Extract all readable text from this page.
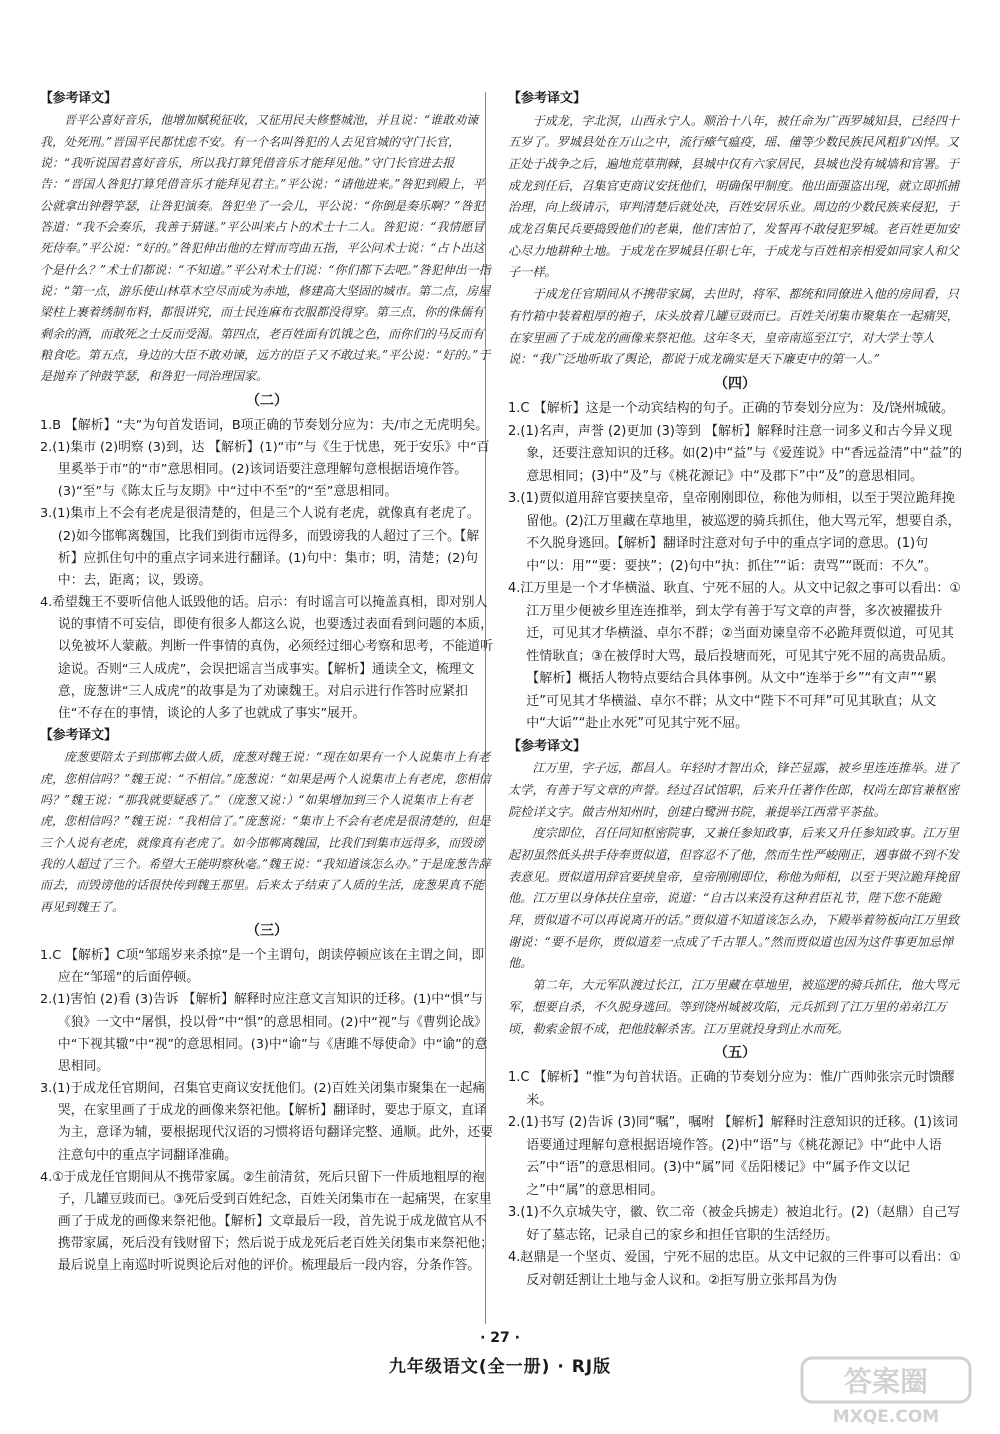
【参考译文】

晋平公喜好音乐，他增加赋税征收，又征用民夫修整城池，并且说：“谁敢劝谏我，处死刑。”晋国平民都忧虑不安。有一个名叫咎犯的人去见官城的守门长官，说：“我听说国君喜好音乐，所以我打算凭借音乐才能拜见他。”守门长官进去报告：“晋国人咎犯打算凭借音乐才能拜见君主。”平公说：“请他进来。”咎犯到殿上，平公就拿出钟磬竽瑟，让咎犯演奏。咎犯坐了一会儿，平公说：“你倒是奏乐啊？”咎犯答道：“我不会奏乐，我善于猜谜。”平公叫来占卜的术士十二人。咎犯说：“我情愿冒死侍奉。”平公说：“好的。”咎犯伸出他的左臂而弯曲五指，平公问术士说：“占卜出这个是什么？”术士们都说：“不知道。”平公对术士们说：“你们都下去吧。”咎犯伸出一指说：“第一点，游乐使山林草木空尽而成为赤地，修建高大坚固的城市。第二点，房屋梁柱上裹着绣制布料，都很讲究，而士民连麻布衣服都没得穿。第三点，你的侏儒有剩余的酒，而敢死之士反而受渴。第四点，老百姓面有饥饿之色，而你们的马反而有粮食吃。第五点，身边的大臣不敢劝谏，远方的臣子又不敢过来。”平公说：“好的。”于是抛弃了钟鼓竽瑟，和咎犯一同治理国家。

（二）

1.B 【解析】“夫”为句首发语词，B项正确的节奏划分应为：夫/市之无虎明矣。

2.(1)集市 (2)明察 (3)到，达 【解析】(1)“市”与《生于忧患，死于安乐》中“百里奚举于市”的“市”意思相同。(2)该词语要注意理解句意根据语境作答。(3)“至”与《陈太丘与友期》中“过中不至”的“至”意思相同。

3.(1)集市上不会有老虎是很清楚的，但是三个人说有老虎，就像真有老虎了。(2)如今邯郸离魏国，比我们到街市远得多，而毁谤我的人超过了三个。【解析】应抓住句中的重点字词来进行翻译。(1)句中：集市；明，清楚；(2)句中：去，距离；议，毁谤。

4.希望魏王不要听信他人诋毁他的话。启示：有时谣言可以掩盖真相，即对别人说的事情不可妄信，即使有很多人都这么说，也要透过表面看到问题的本质，以免被坏人蒙蔽。判断一件事情的真伪，必须经过细心考察和思考，不能道听途说。否则“三人成虎”，会误把谣言当成事实。【解析】通读全文，梳理文意，庞葱讲“三人成虎”的故事是为了劝谏魏王。对启示进行作答时应紧扣住“不存在的事情，谈论的人多了也就成了事实”展开。

【参考译文】

庞葱要陪太子到邯郸去做人质，庞葱对魏王说：“现在如果有一个人说集市上有老虎，您相信吗？”魏王说：“不相信。”庞葱说：“如果是两个人说集市上有老虎，您相信吗？”魏王说：“那我就要疑惑了。”（庞葱又说：）“如果增加到三个人说集市上有老虎，您相信吗？”魏王说：“我相信了。”庞葱说：“集市上不会有老虎是很清楚的，但是三个人说有老虎，就像真有老虎了。如今邯郸离魏国，比我们到集市远得多，而毁谤我的人超过了三个。希望大王能明察秋毫。”魏王说：“我知道该怎么办。”于是庞葱告辞而去，而毁谤他的话很快传到魏王那里。后来太子结束了人质的生活，庞葱果真不能再见到魏王了。

（三）

1.C 【解析】C项“邹瑶岁来杀掠”是一个主谓句，朗读停顿应该在主谓之间，即应在“邹瑶”的后面停顿。

2.(1)害怕 (2)看 (3)告诉 【解析】解释时应注意文言知识的迁移。(1)中“惧”与《狼》一文中“屠惧，投以骨”中“惧”的意思相同。(2)中“视”与《曹刿论战》中“下视其辙”中“视”的意思相同。(3)中“谕”与《唐雎不辱使命》中“谕”的意思相同。

3.(1)于成龙任官期间，召集官吏商议安抚他们。(2)百姓关闭集市聚集在一起痛哭，在家里画了于成龙的画像来祭祀他。【解析】翻译时，要忠于原文，直译为主，意译为辅，要根据现代汉语的习惯将语句翻译完整、通顺。此外，还要注意句中的重点字词翻译准确。

4.①于成龙任官期间从不携带家属。②生前清贫，死后只留下一件质地粗厚的袍子，几罐豆豉而已。③死后受到百姓纪念，百姓关闭集市在一起痛哭，在家里画了于成龙的画像来祭祀他。【解析】文章最后一段，首先说于成龙做官从不携带家属，死后没有钱财留下；然后说于成龙死后老百姓关闭集市来祭祀他；最后说皇上南巡时听说舆论后对他的评价。梳理最后一段内容，分条作答。

【参考译文】

于成龙，字北溟，山西永宁人。顺治十八年，被任命为广西罗城知县，已经四十五岁了。罗城县处在万山之中，流行瘴气瘟疫，瑶、僮等少数民族民风粗犷凶悍。又正处于战争之后，遍地荒草荆棘，县城中仅有六家居民，县城也没有城墙和官署。于成龙到任后，召集官吏商议安抚他们，明确保甲制度。他出面强盗出现，就立即抓捕治理，向上级请示，审判清楚后就处决，百姓安居乐业。周边的少数民族来侵犯，于成龙召集民兵要捣毁他们的老巢，他们害怕了，发誓再不敢侵犯罗城。老百姓更加安心尽力地耕种土地。于成龙在罗城县任职七年，于成龙与百姓相亲相爱如同家人和父子一样。

于成龙任官期间从不携带家属，去世时，将军、都统和同僚进入他的房间看，只有竹箱中装着粗厚的袍子，床头放着几罐豆豉而已。百姓关闭集市聚集在一起痛哭，在家里画了于成龙的画像来祭祀他。这年冬天，皇帝南巡至江宁，对大学士等人说：“我广泛地听取了舆论，都说于成龙确实是天下廉吏中的第一人。”

（四）

1.C 【解析】这是一个动宾结构的句子。正确的节奏划分应为：及/饶州城破。

2.(1)名声，声誉 (2)更加 (3)等到 【解析】解释时注意一词多义和古今异义现象，还要注意知识的迁移。如(2)中“益”与《爱莲说》中“香远益清”中“益”的意思相同；(3)中“及”与《桃花源记》中“及郡下”中“及”的意思相同。

3.(1)贾似道用辞官要挟皇帝，皇帝刚刚即位，称他为师相，以至于哭泣跪拜挽留他。(2)江万里藏在草地里，被巡逻的骑兵抓住，他大骂元军，想要自杀，不久脱身逃回。【解析】翻译时注意对句子中的重点字词的意思。(1)句中“以：用”“要：要挟”；(2)句中“执：抓住”“诟：责骂”“既而：不久”。

4.江万里是一个才华横溢、耿直、宁死不屈的人。从文中记叙之事可以看出：①江万里少便被乡里连连推举，到太学有善于写文章的声誉，多次被擢拔升迁，可见其才华横溢、卓尔不群；②当面劝谏皇帝不必跪拜贾似道，可见其性情耿直；③在被俘时大骂，最后投塘而死，可见其宁死不屈的高贵品质。【解析】概括人物特点要结合具体事例。从文中“连举于乡”“有文声”“累迁”可见其才华横溢、卓尔不群；从文中“陛下不可拜”可见其耿直；从文中“大诟”“赴止水死”可见其宁死不屈。

【参考译文】

江万里，字子远，都昌人。年轻时才智出众，锋芒显露，被乡里连连推举。进了太学，有善于写文章的声誉。经过召试馆职，后来升任著作佐郎，权尚左郎官兼枢密院检详文字。做吉州知州时，创建白鹭洲书院，兼提举江西常平茶盐。

度宗即位，召任同知枢密院事，又兼任参知政事，后来又升任参知政事。江万里起初虽然低头拱手侍奉贾似道，但容忍不了他，然而生性严峻刚正，遇事做不到不发表意见。贾似道用辞官要挟皇帝，皇帝刚刚即位，称他为师相，以至于哭泣跪拜挽留他。江万里以身体扶住皇帝，说道：“自古以来没有这种君臣礼节，陛下您不能跪拜，贾似道不可以再说离开的话。”贾似道不知道该怎么办，下殿举着笏板向江万里致谢说：“要不是你，贾似道差一点成了千古罪人。”然而贾似道也因为这件事更加忌惮他。

第二年，大元军队渡过长江，江万里藏在草地里，被巡逻的骑兵抓住，他大骂元军，想要自杀，不久脱身逃回。等到饶州城被攻陷，元兵抓到了江万里的弟弟江万顷，勒索金银不成，把他肢解杀害。江万里就投身到止水而死。

（五）

1.C 【解析】“惟”为句首状语。正确的节奏划分应为：惟/广西帅张宗元时馈醪米。

2.(1)书写 (2)告诉 (3)同“嘱”，嘱咐 【解析】解释时注意知识的迁移。(1)该词语要通过理解句意根据语境作答。(2)中“语”与《桃花源记》中“此中人语云”中“语”的意思相同。(3)中“属”同《岳阳楼记》中“属予作文以记之”中“属”的意思相同。

3.(1)不久京城失守，徽、钦二帝（被金兵掳走）被迫北行。(2)（赵鼎）自己写好了墓志铭，记录自己的家乡和担任官职的生活经历。

4.赵鼎是一个坚贞、爱国，宁死不屈的忠臣。从文中记叙的三件事可以看出：①反对朝廷割让土地与金人议和。②拒写册立张邦昌为伪

· 27 ·
九年级语文(全一册) · RJ版	答案圈
MXQE.COM
